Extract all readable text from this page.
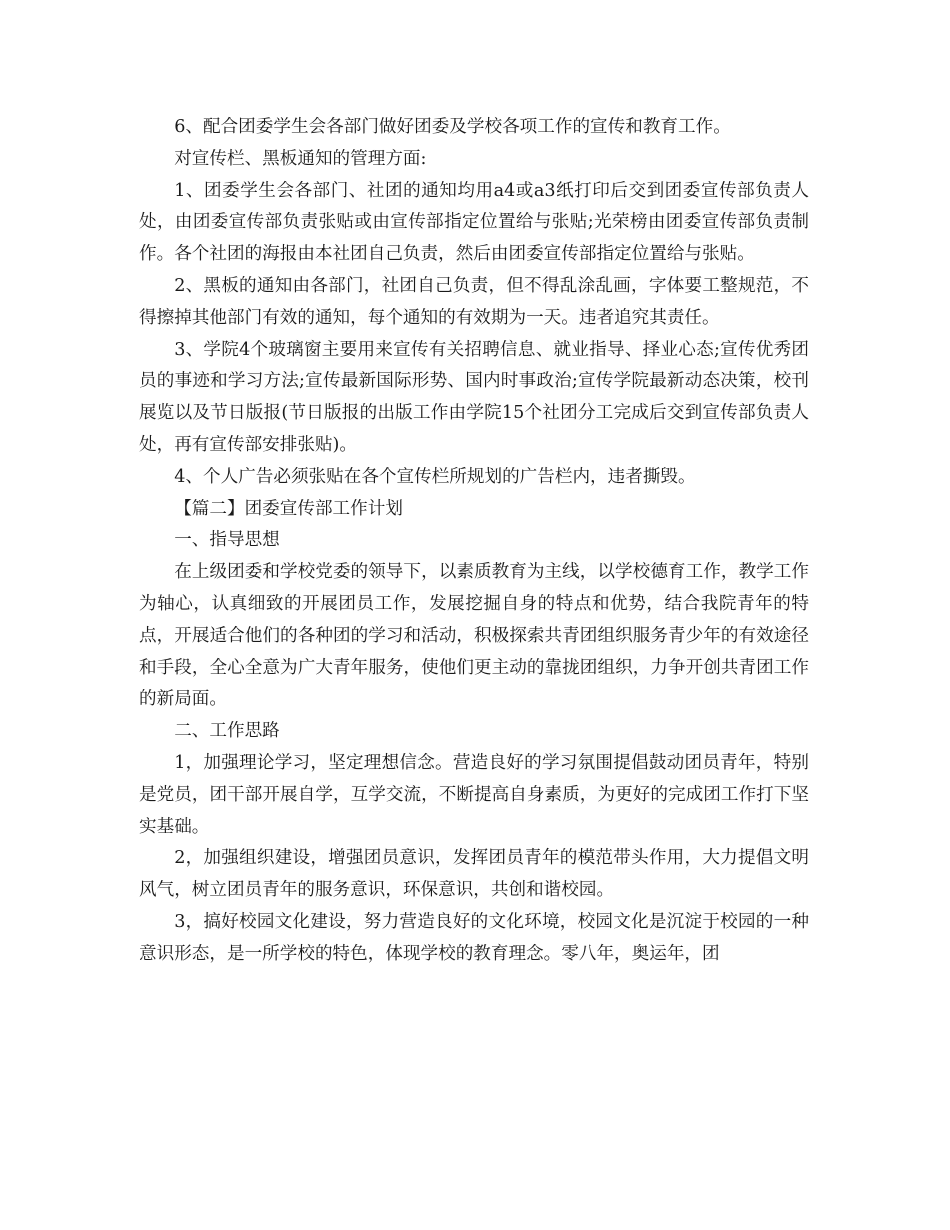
6、配合团委学生会各部门做好团委及学校各项工作的宣传和教育工作。

对宣传栏、黑板通知的管理方面:

1、团委学生会各部门、社团的通知均用a4或a3纸打印后交到团委宣传部负责人处，由团委宣传部负责张贴或由宣传部指定位置给与张贴;光荣榜由团委宣传部负责制作。各个社团的海报由本社团自己负责，然后由团委宣传部指定位置给与张贴。

2、黑板的通知由各部门，社团自己负责，但不得乱涂乱画，字体要工整规范，不得擦掉其他部门有效的通知，每个通知的有效期为一天。违者追究其责任。

3、学院4个玻璃窗主要用来宣传有关招聘信息、就业指导、择业心态;宣传优秀团员的事迹和学习方法;宣传最新国际形势、国内时事政治;宣传学院最新动态决策，校刊展览以及节日版报(节日版报的出版工作由学院15个社团分工完成后交到宣传部负责人处，再有宣传部安排张贴)。

4、个人广告必须张贴在各个宣传栏所规划的广告栏内，违者撕毁。

【篇二】团委宣传部工作计划

一、指导思想

在上级团委和学校党委的领导下，以素质教育为主线，以学校德育工作，教学工作为轴心，认真细致的开展团员工作，发展挖掘自身的特点和优势，结合我院青年的特点，开展适合他们的各种团的学习和活动，积极探索共青团组织服务青少年的有效途径和手段，全心全意为广大青年服务，使他们更主动的靠拢团组织，力争开创共青团工作的新局面。

二、工作思路

1，加强理论学习，坚定理想信念。营造良好的学习氛围提倡鼓动团员青年，特别是党员，团干部开展自学，互学交流，不断提高自身素质，为更好的完成团工作打下坚实基础。

2，加强组织建设，增强团员意识，发挥团员青年的模范带头作用，大力提倡文明风气，树立团员青年的服务意识，环保意识，共创和谐校园。

3，搞好校园文化建设，努力营造良好的文化环境，校园文化是沉淀于校园的一种意识形态，是一所学校的特色，体现学校的教育理念。零八年，奥运年，团
